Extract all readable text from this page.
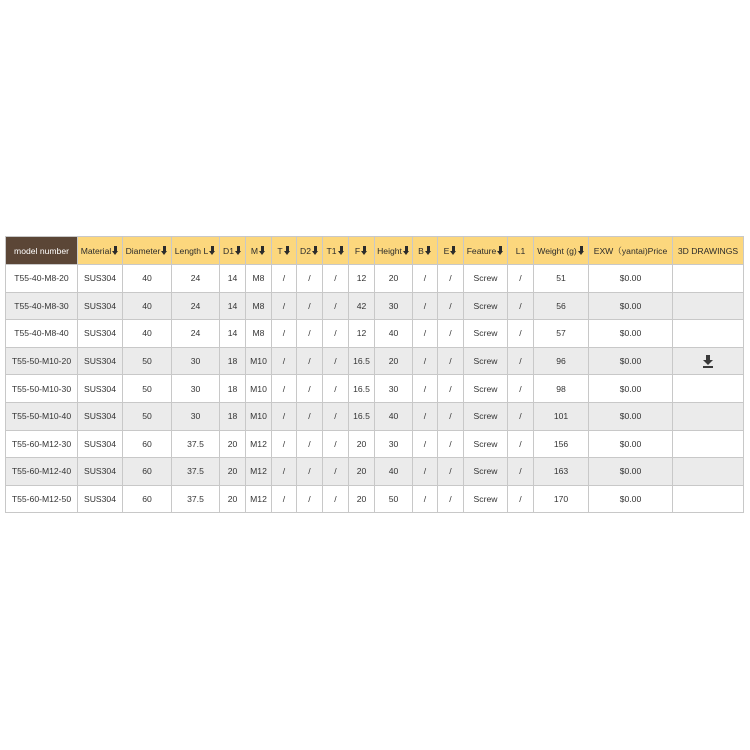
model number	Material	Diameter	Length L	D1	M	T	D2	T1	F	Height	B	E	Feature	L1	Weight (g)	EXW（yantai)Price	3D DRAWINGS
T55-40-M8-20	SUS304	40	24	14	M8	/	/	/	12	20	/	/	Screw	/	51	$0.00	
T55-40-M8-30	SUS304	40	24	14	M8	/	/	/	42	30	/	/	Screw	/	56	$0.00	
T55-40-M8-40	SUS304	40	24	14	M8	/	/	/	12	40	/	/	Screw	/	57	$0.00	
T55-50-M10-20	SUS304	50	30	18	M10	/	/	/	16.5	20	/	/	Screw	/	96	$0.00	

T55-50-M10-30	SUS304	50	30	18	M10	/	/	/	16.5	30	/	/	Screw	/	98	$0.00	
T55-50-M10-40	SUS304	50	30	18	M10	/	/	/	16.5	40	/	/	Screw	/	101	$0.00	
T55-60-M12-30	SUS304	60	37.5	20	M12	/	/	/	20	30	/	/	Screw	/	156	$0.00	
T55-60-M12-40	SUS304	60	37.5	20	M12	/	/	/	20	40	/	/	Screw	/	163	$0.00	
T55-60-M12-50	SUS304	60	37.5	20	M12	/	/	/	20	50	/	/	Screw	/	170	$0.00	
